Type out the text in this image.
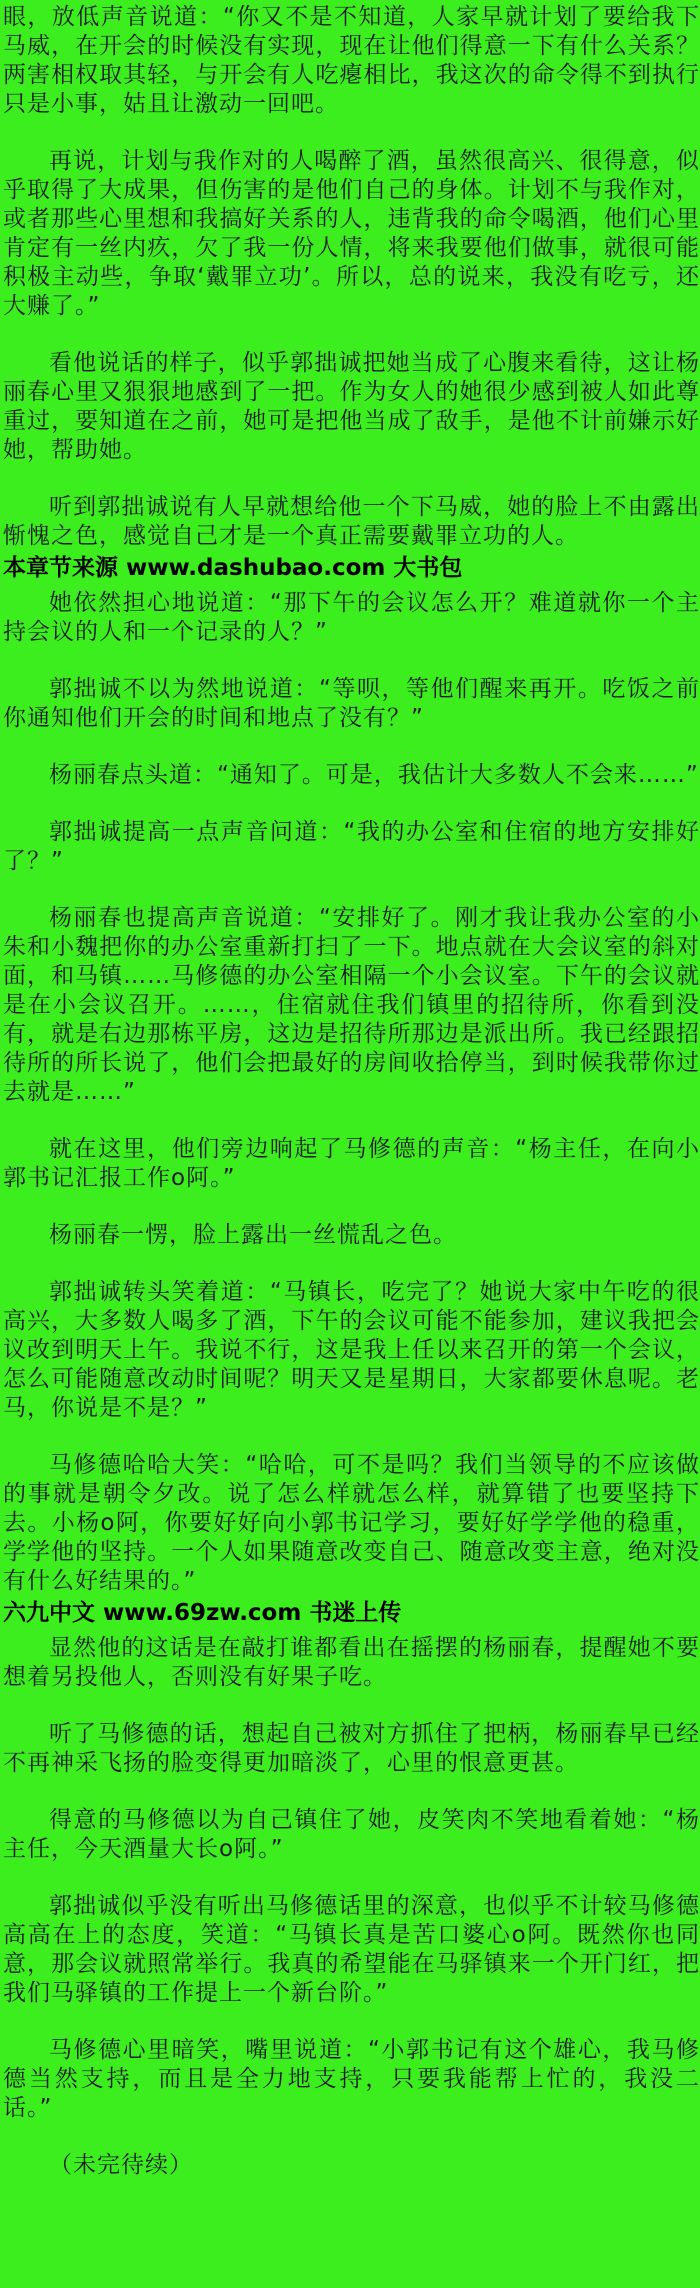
眼，放低声音说道：“你又不是不知道，人家早就计划了要给我下马威，在开会的时候没有实现，现在让他们得意一下有什么关系？两害相权取其轻，与开会有人吃瘪相比，我这次的命令得不到执行只是小事，姑且让激动一回吧。

再说，计划与我作对的人喝醉了酒，虽然很高兴、很得意，似乎取得了大成果，但伤害的是他们自己的身体。计划不与我作对，或者那些心里想和我搞好关系的人，违背我的命令喝酒，他们心里肯定有一丝内疚，欠了我一份人情，将来我要他们做事，就很可能积极主动些，争取‘戴罪立功’。所以，总的说来，我没有吃亏，还大赚了。”

看他说话的样子，似乎郭拙诚把她当成了心腹来看待，这让杨丽春心里又狠狠地感到了一把。作为女人的她很少感到被人如此尊重过，要知道在之前，她可是把他当成了敌手，是他不计前嫌示好她，帮助她。

听到郭拙诚说有人早就想给他一个下马威，她的脸上不由露出惭愧之色，感觉自己才是一个真正需要戴罪立功的人。

本章节来源 www.dashubao.com 大书包

她依然担心地说道：“那下午的会议怎么开？难道就你一个主持会议的人和一个记录的人？”

郭拙诚不以为然地说道：“等呗，等他们醒来再开。吃饭之前你通知他们开会的时间和地点了没有？”

杨丽春点头道：“通知了。可是，我估计大多数人不会来……”

郭拙诚提高一点声音问道：“我的办公室和住宿的地方安排好了？”

杨丽春也提高声音说道：“安排好了。刚才我让我办公室的小朱和小魏把你的办公室重新打扫了一下。地点就在大会议室的斜对面，和马镇……马修德的办公室相隔一个小会议室。下午的会议就是在小会议召开。……，住宿就住我们镇里的招待所，你看到没有，就是右边那栋平房，这边是招待所那边是派出所。我已经跟招待所的所长说了，他们会把最好的房间收拾停当，到时候我带你过去就是……”

就在这里，他们旁边响起了马修德的声音：“杨主任，在向小郭书记汇报工作o阿。”

杨丽春一愣，脸上露出一丝慌乱之色。

郭拙诚转头笑着道：“马镇长，吃完了？她说大家中午吃的很高兴，大多数人喝多了酒，下午的会议可能不能参加，建议我把会议改到明天上午。我说不行，这是我上任以来召开的第一个会议，怎么可能随意改动时间呢？明天又是星期日，大家都要休息呢。老马，你说是不是？”

马修德哈哈大笑：“哈哈，可不是吗？我们当领导的不应该做的事就是朝令夕改。说了怎么样就怎么样，就算错了也要坚持下去。小杨o阿，你要好好向小郭书记学习，要好好学学他的稳重，学学他的坚持。一个人如果随意改变自己、随意改变主意，绝对没有什么好结果的。”

六九中文 www.69zw.com 书迷上传

显然他的这话是在敲打谁都看出在摇摆的杨丽春，提醒她不要想着另投他人，否则没有好果子吃。

听了马修德的话，想起自己被对方抓住了把柄，杨丽春早已经不再神采飞扬的脸变得更加暗淡了，心里的恨意更甚。

得意的马修德以为自己镇住了她，皮笑肉不笑地看着她：“杨主任，今天酒量大长o阿。”

郭拙诚似乎没有听出马修德话里的深意，也似乎不计较马修德高高在上的态度，笑道：“马镇长真是苦口婆心o阿。既然你也同意，那会议就照常举行。我真的希望能在马驿镇来一个开门红，把我们马驿镇的工作提上一个新台阶。”

马修德心里暗笑，嘴里说道：“小郭书记有这个雄心，我马修德当然支持，而且是全力地支持，只要我能帮上忙的，我没二话。”

（未完待续）
